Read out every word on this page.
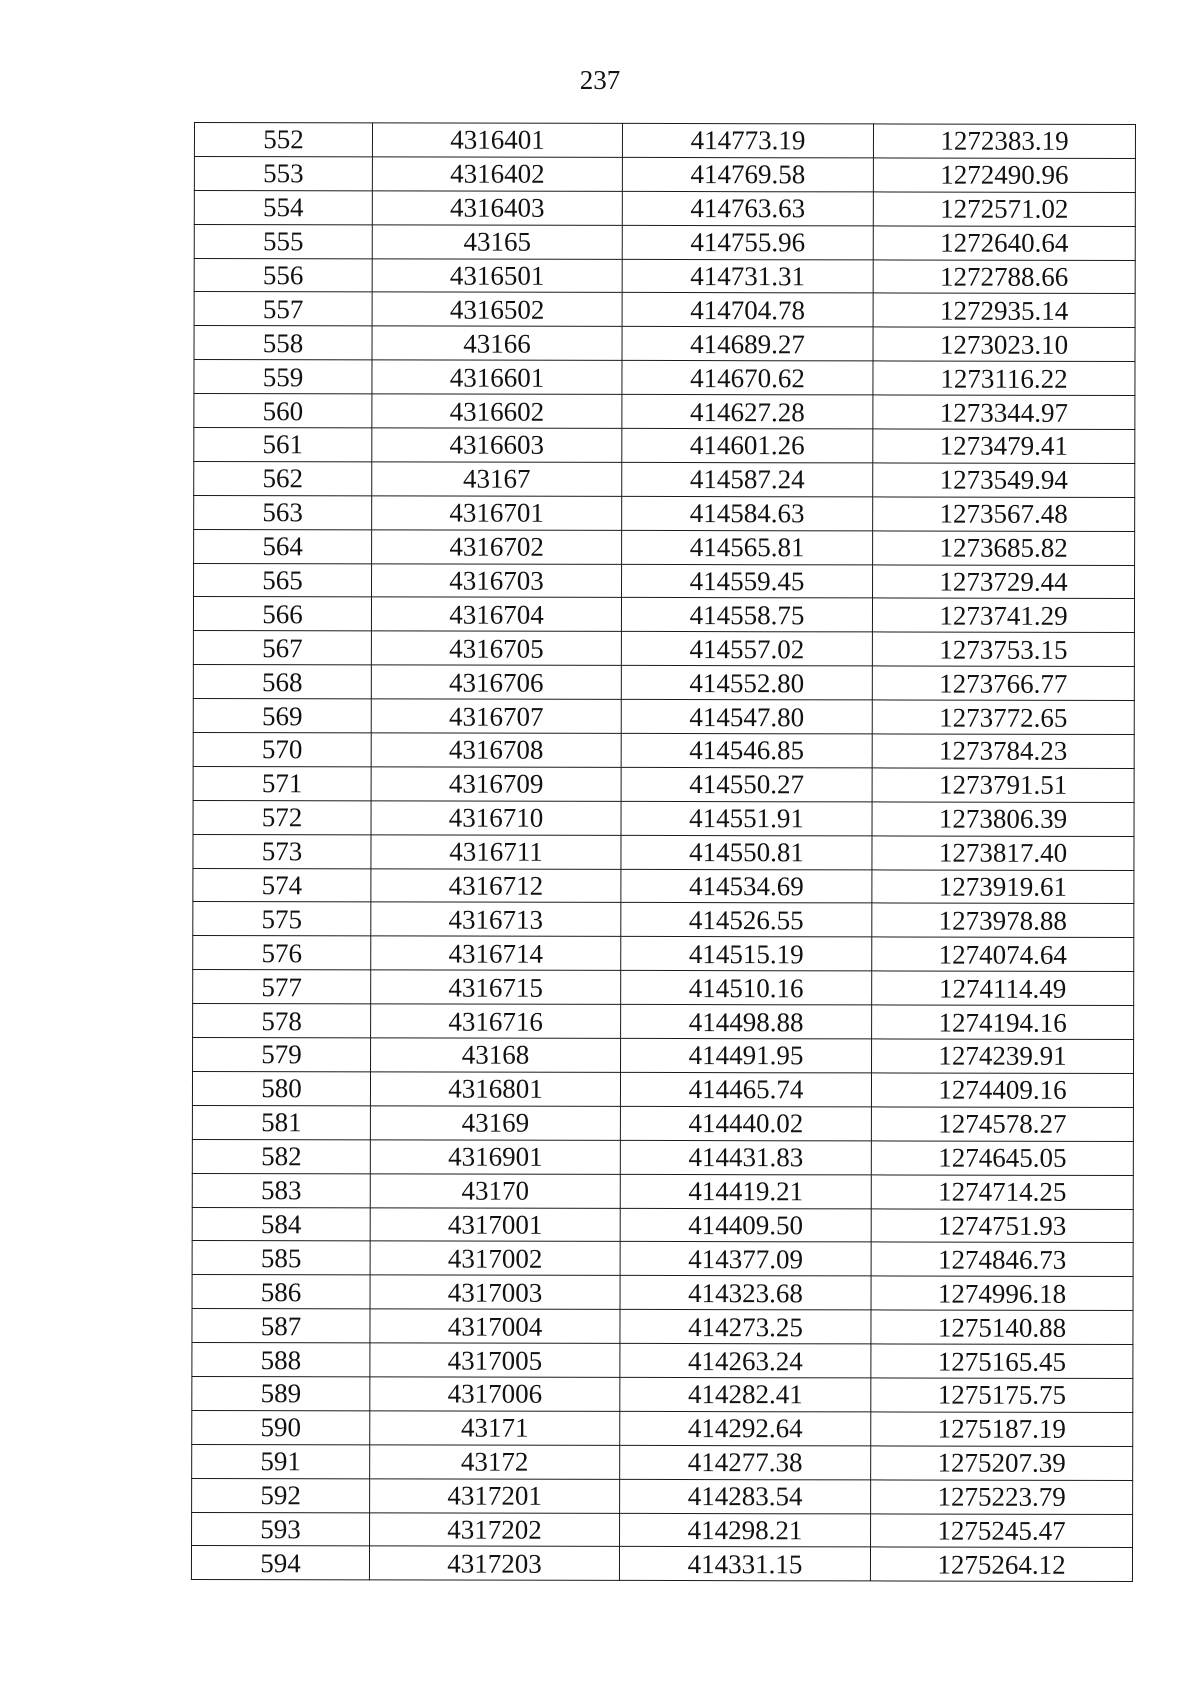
237
552	4316401	414773.19	1272383.19
553	4316402	414769.58	1272490.96
554	4316403	414763.63	1272571.02
555	43165	414755.96	1272640.64
556	4316501	414731.31	1272788.66
557	4316502	414704.78	1272935.14
558	43166	414689.27	1273023.10
559	4316601	414670.62	1273116.22
560	4316602	414627.28	1273344.97
561	4316603	414601.26	1273479.41
562	43167	414587.24	1273549.94
563	4316701	414584.63	1273567.48
564	4316702	414565.81	1273685.82
565	4316703	414559.45	1273729.44
566	4316704	414558.75	1273741.29
567	4316705	414557.02	1273753.15
568	4316706	414552.80	1273766.77
569	4316707	414547.80	1273772.65
570	4316708	414546.85	1273784.23
571	4316709	414550.27	1273791.51
572	4316710	414551.91	1273806.39
573	4316711	414550.81	1273817.40
574	4316712	414534.69	1273919.61
575	4316713	414526.55	1273978.88
576	4316714	414515.19	1274074.64
577	4316715	414510.16	1274114.49
578	4316716	414498.88	1274194.16
579	43168	414491.95	1274239.91
580	4316801	414465.74	1274409.16
581	43169	414440.02	1274578.27
582	4316901	414431.83	1274645.05
583	43170	414419.21	1274714.25
584	4317001	414409.50	1274751.93
585	4317002	414377.09	1274846.73
586	4317003	414323.68	1274996.18
587	4317004	414273.25	1275140.88
588	4317005	414263.24	1275165.45
589	4317006	414282.41	1275175.75
590	43171	414292.64	1275187.19
591	43172	414277.38	1275207.39
592	4317201	414283.54	1275223.79
593	4317202	414298.21	1275245.47
594	4317203	414331.15	1275264.12
